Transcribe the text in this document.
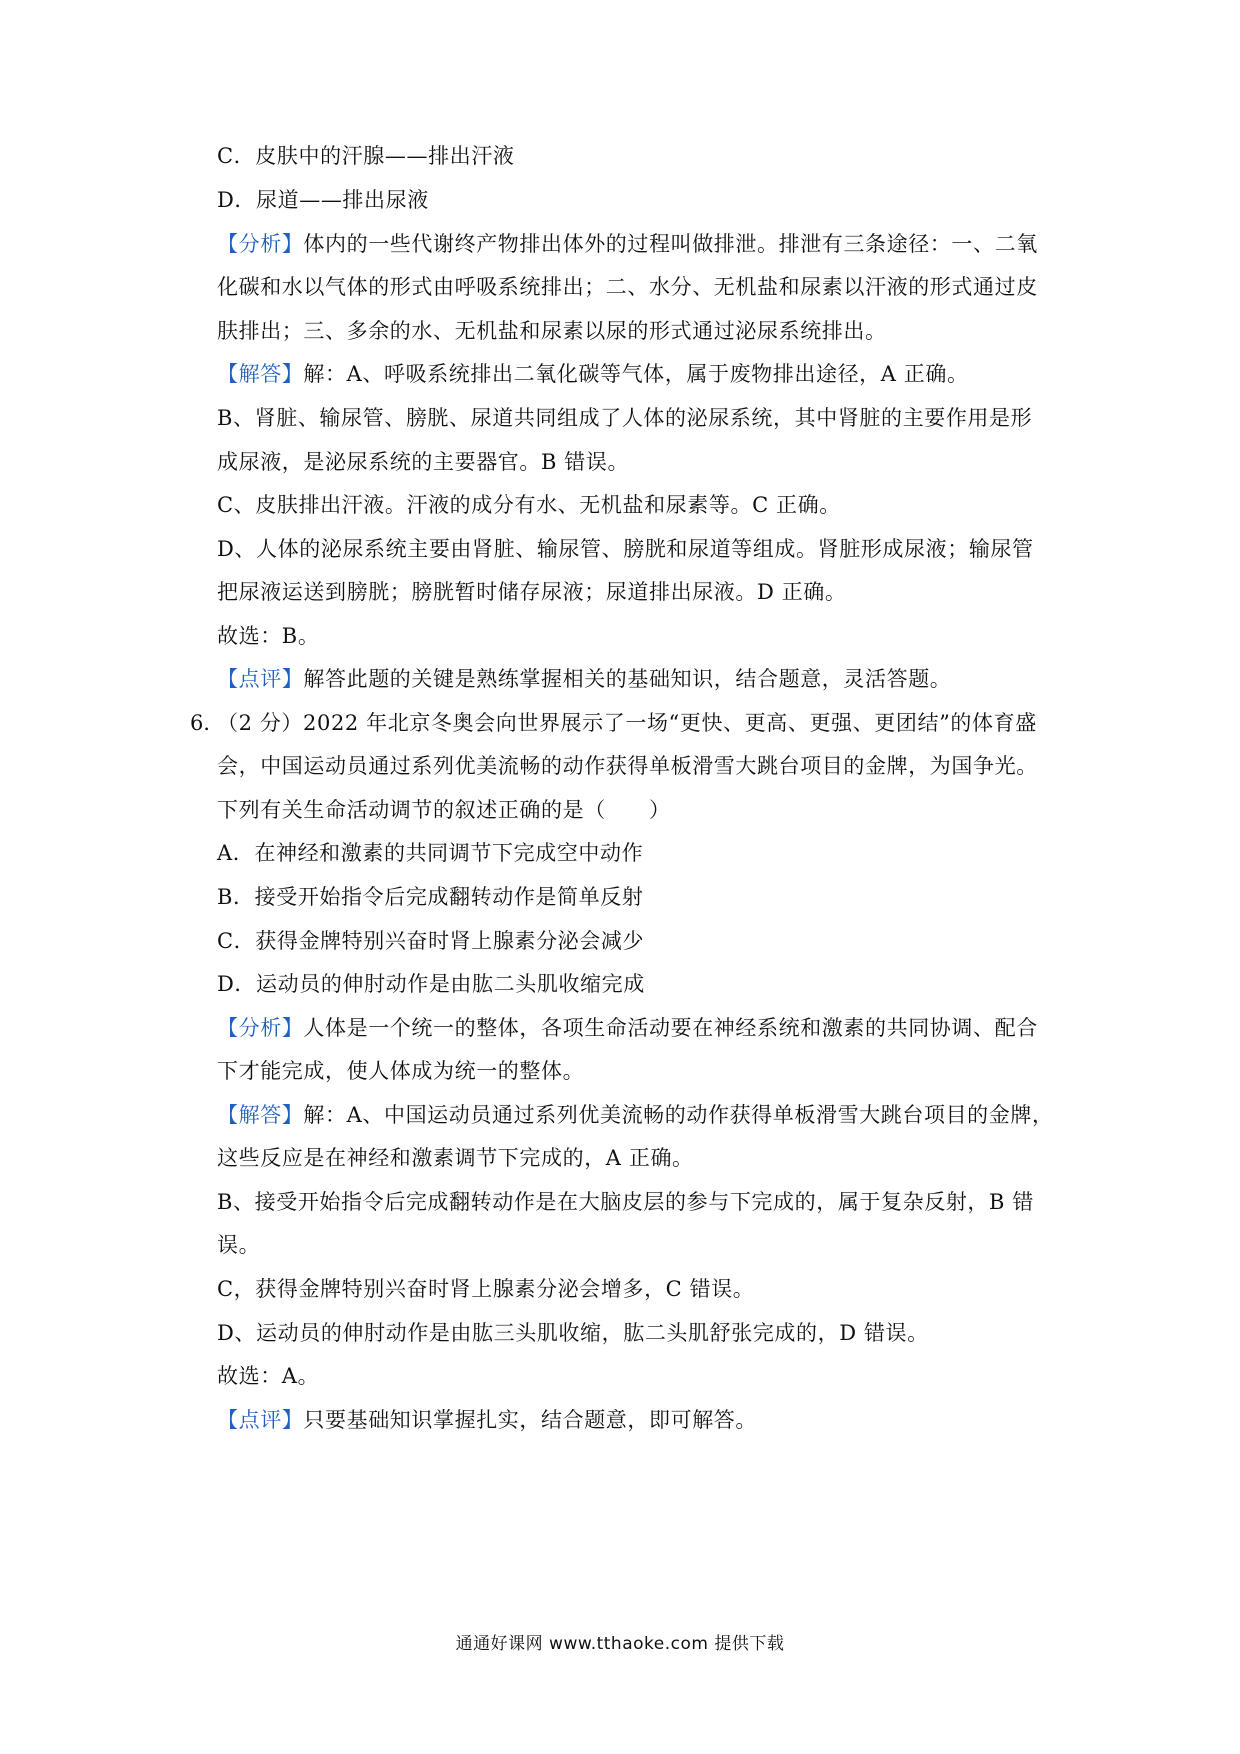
C．皮肤中的汗腺——排出汗液
D．尿道——排出尿液
【分析】体内的一些代谢终产物排出体外的过程叫做排泄。排泄有三条途径：一、二氧
化碳和水以气体的形式由呼吸系统排出；二、水分、无机盐和尿素以汗液的形式通过皮
肤排出；三、多余的水、无机盐和尿素以尿的形式通过泌尿系统排出。
【解答】解：A、呼吸系统排出二氧化碳等气体，属于废物排出途径，A 正确。
B、肾脏、输尿管、膀胱、尿道共同组成了人体的泌尿系统，其中肾脏的主要作用是形
成尿液，是泌尿系统的主要器官。B 错误。
C、皮肤排出汗液。汗液的成分有水、无机盐和尿素等。C 正确。
D、人体的泌尿系统主要由肾脏、输尿管、膀胱和尿道等组成。肾脏形成尿液；输尿管
把尿液运送到膀胱；膀胱暂时储存尿液；尿道排出尿液。D 正确。
故选：B。
【点评】解答此题的关键是熟练掌握相关的基础知识，结合题意，灵活答题。
6．
（2 分）2022 年北京冬奥会向世界展示了一场“更快、更高、更强、更团结”的体育盛
会，中国运动员通过系列优美流畅的动作获得单板滑雪大跳台项目的金牌，为国争光。
下列有关生命活动调节的叙述正确的是（　　）
A．在神经和激素的共同调节下完成空中动作
B．接受开始指令后完成翻转动作是简单反射
C．获得金牌特别兴奋时肾上腺素分泌会减少
D．运动员的伸肘动作是由肱二头肌收缩完成
【分析】人体是一个统一的整体，各项生命活动要在神经系统和激素的共同协调、配合
下才能完成，使人体成为统一的整体。
【解答】解：A、中国运动员通过系列优美流畅的动作获得单板滑雪大跳台项目的金牌，
这些反应是在神经和激素调节下完成的，A 正确。
B、接受开始指令后完成翻转动作是在大脑皮层的参与下完成的，属于复杂反射，B 错
误。
C，获得金牌特别兴奋时肾上腺素分泌会增多，C 错误。
D、运动员的伸肘动作是由肱三头肌收缩，肱二头肌舒张完成的，D 错误。
故选：A。
【点评】只要基础知识掌握扎实，结合题意，即可解答。
通通好课网 www.tthaoke.com 提供下载
